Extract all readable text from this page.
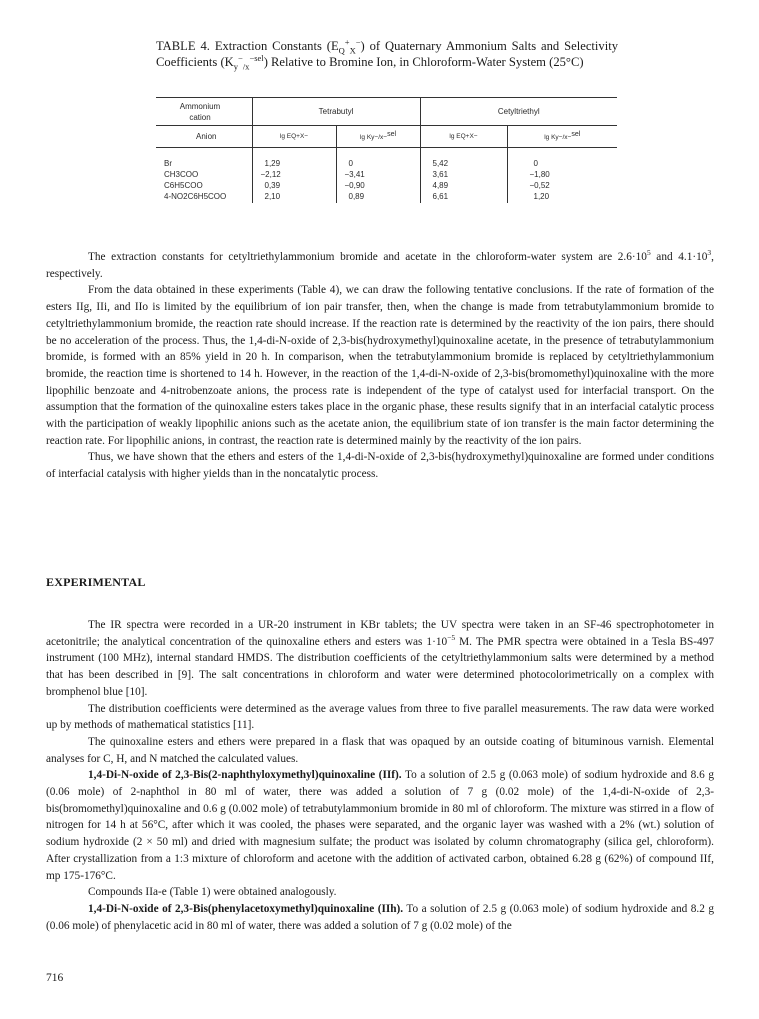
TABLE 4. Extraction Constants $(E_Q^+_X^-)$ of Quaternary Ammonium Salts and Selectivity Coefficients $(K_y^-_{/x}^{-sel})$ Relative to Bromine Ion, in Chloroform-Water System (25°C)
Ammonium cation	Tetrabutyl		Cetyltriethyl	
Anion	lg EQ+X−	lg Ky−/x−$^{sel}$	lg EQ+X−	lg Ky−/x−$^{sel}$

Br	1,29	0	5,42	0
CH3COO	−2,12	−3,41	3,61	−1,80
C6H5COO	0,39	−0,90	4,89	−0,52
4-NO2C6H5COO	2,10	0,89	6,61	1,20

The extraction constants for cetyltriethylammonium bromide and acetate in the chloroform-water system are $2.6\cdot 10^5$ and $4.1\cdot 10^3$, respectively.

From the data obtained in these experiments (Table 4), we can draw the following tentative conclusions. If the rate of formation of the esters IIg, IIi, and IIo is limited by the equilibrium of ion pair transfer, then, when the change is made from tetrabutylammonium bromide to cetyltriethylammonium bromide, the reaction rate should increase. If the reaction rate is determined by the reactivity of the ion pairs, there should be no acceleration of the process. Thus, the 1,4-di-N-oxide of 2,3-bis(hydroxymethyl)quinoxaline acetate, in the presence of tetrabutylammonium bromide, is formed with an 85% yield in 20 h. In comparison, when the tetrabutylammonium bromide is replaced by cetyltriethylammonium bromide, the reaction time is shortened to 14 h. However, in the reaction of the 1,4-di-N-oxide of 2,3-bis(bromomethyl)quinoxaline with the more lipophilic benzoate and 4-nitrobenzoate anions, the process rate is independent of the type of catalyst used for interfacial transport. On the assumption that the formation of the quinoxaline esters takes place in the organic phase, these results signify that in an interfacial catalytic process with the participation of weakly lipophilic anions such as the acetate anion, the equilibrium state of ion transfer is the main factor determining the reaction rate. For lipophilic anions, in contrast, the reaction rate is determined mainly by the reactivity of the ion pairs.

Thus, we have shown that the ethers and esters of the 1,4-di-N-oxide of 2,3-bis(hydroxymethyl)quinoxaline are formed under conditions of interfacial catalysis with higher yields than in the noncatalytic process.

EXPERIMENTAL

The IR spectra were recorded in a UR-20 instrument in KBr tablets; the UV spectra were taken in an SF-46 spectrophotometer in acetonitrile; the analytical concentration of the quinoxaline ethers and esters was $1\cdot 10^{-5}$ M. The PMR spectra were obtained in a Tesla BS-497 instrument (100 MHz), internal standard HMDS. The distribution coefficients of the cetyltriethylammonium salts were determined by a method that has been described in [9]. The salt concentrations in chloroform and water were determined photocolorimetrically on a complex with bromphenol blue [10].

The distribution coefficients were determined as the average values from three to five parallel measurements. The raw data were worked up by methods of mathematical statistics [11].

The quinoxaline esters and ethers were prepared in a flask that was opaqued by an outside coating of bituminous varnish. Elemental analyses for C, H, and N matched the calculated values.

1,4-Di-N-oxide of 2,3-Bis(2-naphthyloxymethyl)quinoxaline (IIf). To a solution of 2.5 g (0.063 mole) of sodium hydroxide and 8.6 g (0.06 mole) of 2-naphthol in 80 ml of water, there was added a solution of 7 g (0.02 mole) of the 1,4-di-N-oxide of 2,3-bis(bromomethyl)quinoxaline and 0.6 g (0.002 mole) of tetrabutylammonium bromide in 80 ml of chloroform. The mixture was stirred in a flow of nitrogen for 14 h at 56°C, after which it was cooled, the phases were separated, and the organic layer was washed with a 2% (wt.) solution of sodium hydroxide (2 × 50 ml) and dried with magnesium sulfate; the product was isolated by column chromatography (silica gel, chloroform). After crystallization from a 1:3 mixture of chloroform and acetone with the addition of activated carbon, obtained 6.28 g (62%) of compound IIf, mp 175-176°C.

Compounds IIa-e (Table 1) were obtained analogously.

1,4-Di-N-oxide of 2,3-Bis(phenylacetoxymethyl)quinoxaline (IIh). To a solution of 2.5 g (0.063 mole) of sodium hydroxide and 8.2 g (0.06 mole) of phenylacetic acid in 80 ml of water, there was added a solution of 7 g (0.02 mole) of the

716
